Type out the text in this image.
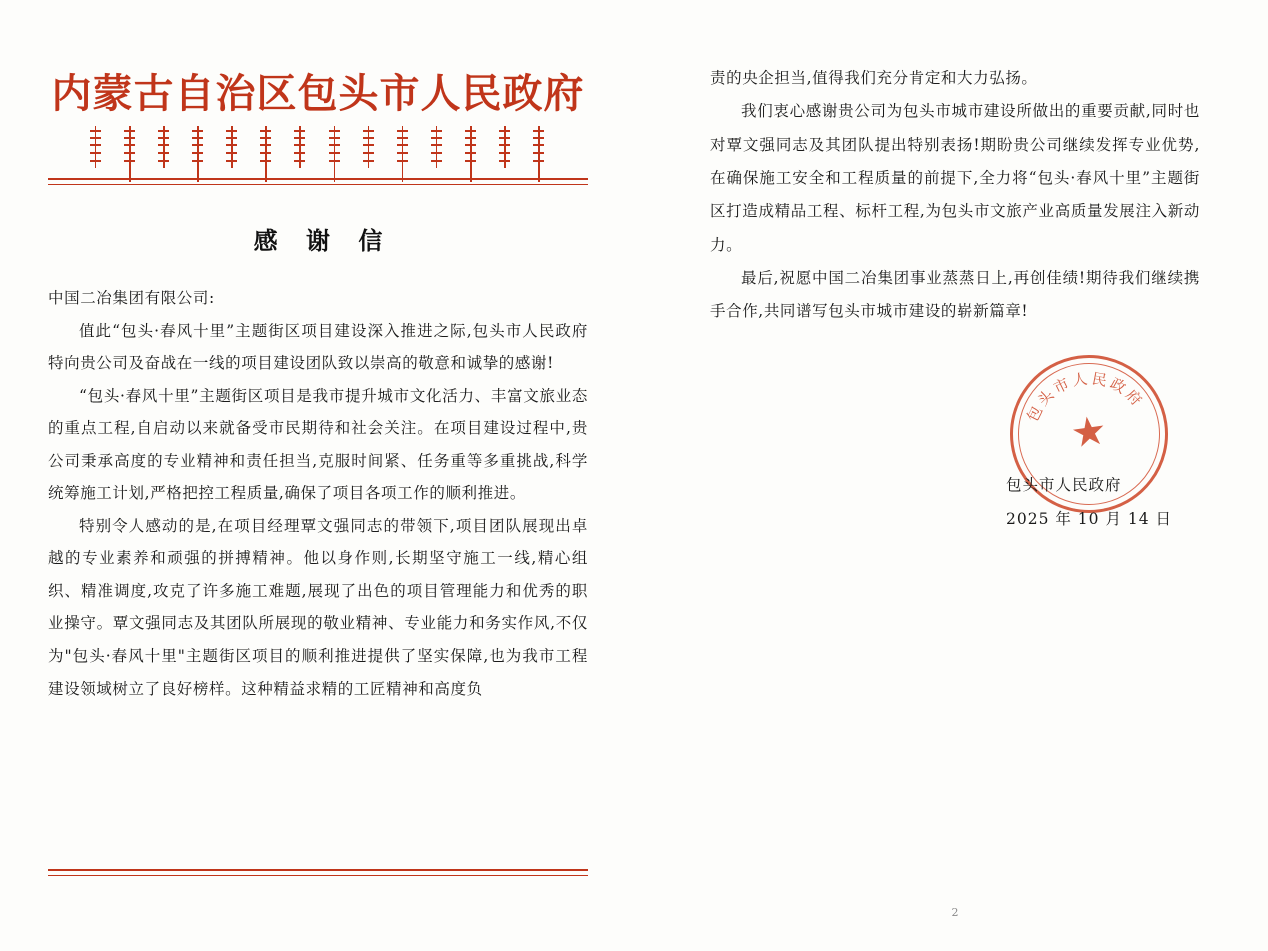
内蒙古自治区包头市人民政府

感 谢 信

中国二冶集团有限公司:

值此“包头·春风十里”主题街区项目建设深入推进之际,包头市人民政府特向贵公司及奋战在一线的项目建设团队致以崇高的敬意和诚挚的感谢!

“包头·春风十里”主题街区项目是我市提升城市文化活力、丰富文旅业态的重点工程,自启动以来就备受市民期待和社会关注。在项目建设过程中,贵公司秉承高度的专业精神和责任担当,克服时间紧、任务重等多重挑战,科学统筹施工计划,严格把控工程质量,确保了项目各项工作的顺利推进。

特别令人感动的是,在项目经理覃文强同志的带领下,项目团队展现出卓越的专业素养和顽强的拼搏精神。他以身作则,长期坚守施工一线,精心组织、精准调度,攻克了许多施工难题,展现了出色的项目管理能力和优秀的职业操守。覃文强同志及其团队所展现的敬业精神、专业能力和务实作风,不仅为"包头·春风十里"主题街区项目的顺利推进提供了坚实保障,也为我市工程建设领域树立了良好榜样。这种精益求精的工匠精神和高度负

责的央企担当,值得我们充分肯定和大力弘扬。

我们衷心感谢贵公司为包头市城市建设所做出的重要贡献,同时也对覃文强同志及其团队提出特别表扬!期盼贵公司继续发挥专业优势,在确保施工安全和工程质量的前提下,全力将“包头·春风十里”主题街区打造成精品工程、标杆工程,为包头市文旅产业高质量发展注入新动力。

最后,祝愿中国二冶集团事业蒸蒸日上,再创佳绩!期待我们继续携手合作,共同谱写包头市城市建设的崭新篇章!

包头市人民政府
★
包头市人民政府
2025 年 10 月 14 日
2
